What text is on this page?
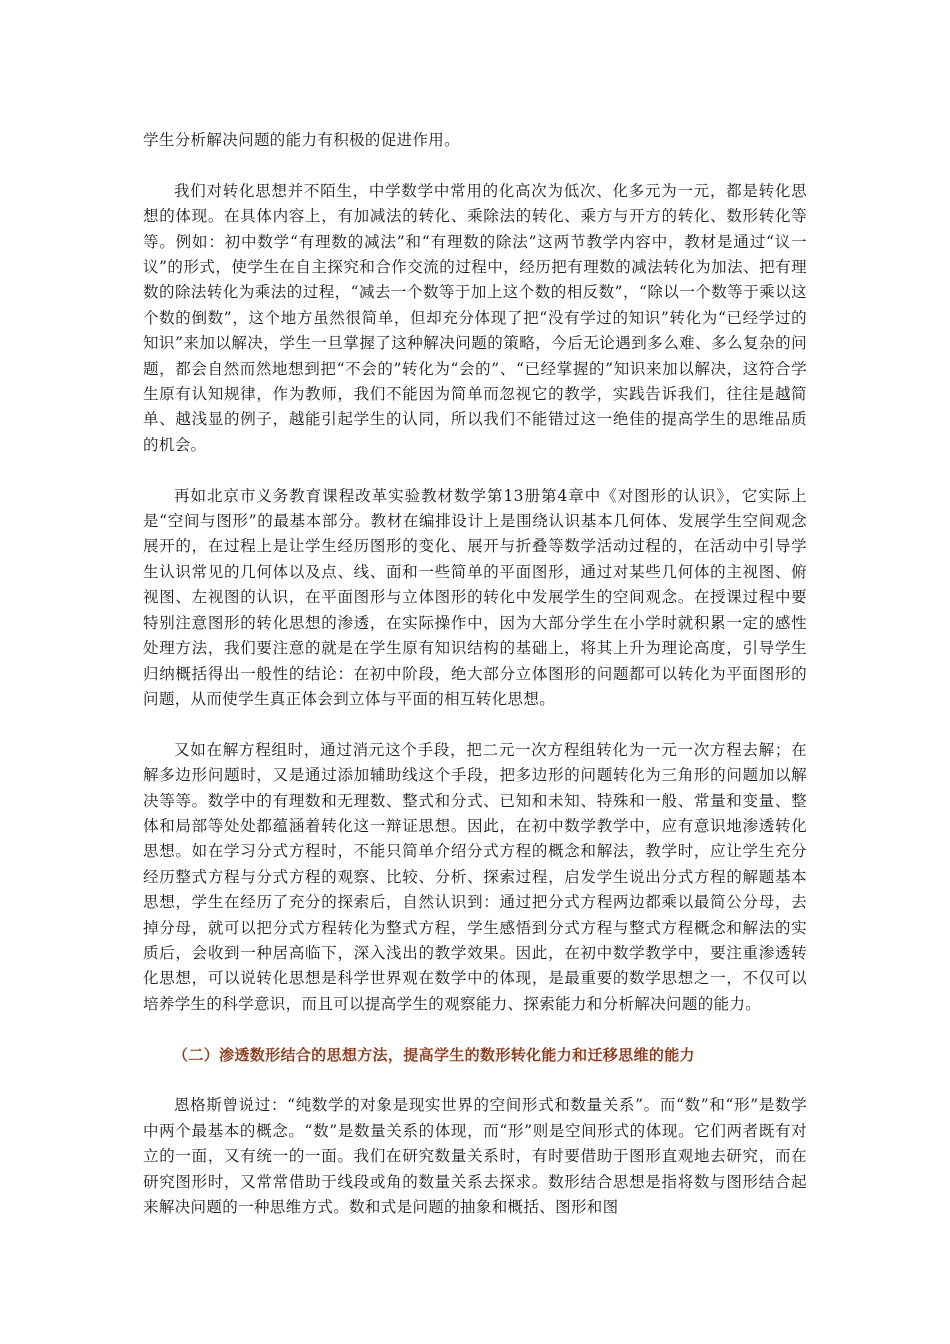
学生分析解决问题的能力有积极的促进作用。

我们对转化思想并不陌生，中学数学中常用的化高次为低次、化多元为一元，都是转化思想的体现。在具体内容上，有加减法的转化、乘除法的转化、乘方与开方的转化、数形转化等等。例如：初中数学“有理数的减法”和“有理数的除法”这两节教学内容中，教材是通过“议一议”的形式，使学生在自主探究和合作交流的过程中，经历把有理数的减法转化为加法、把有理数的除法转化为乘法的过程，“减去一个数等于加上这个数的相反数”，“除以一个数等于乘以这个数的倒数”，这个地方虽然很简单，但却充分体现了把“没有学过的知识”转化为“已经学过的知识”来加以解决，学生一旦掌握了这种解决问题的策略，今后无论遇到多么难、多么复杂的问题，都会自然而然地想到把“不会的”转化为“会的”、“已经掌握的”知识来加以解决，这符合学生原有认知规律，作为教师，我们不能因为简单而忽视它的教学，实践告诉我们，往往是越简单、越浅显的例子，越能引起学生的认同，所以我们不能错过这一绝佳的提高学生的思维品质的机会。

再如北京市义务教育课程改革实验教材数学第13册第4章中《对图形的认识》，它实际上是“空间与图形”的最基本部分。教材在编排设计上是围绕认识基本几何体、发展学生空间观念展开的，在过程上是让学生经历图形的变化、展开与折叠等数学活动过程的，在活动中引导学生认识常见的几何体以及点、线、面和一些简单的平面图形，通过对某些几何体的主视图、俯视图、左视图的认识，在平面图形与立体图形的转化中发展学生的空间观念。在授课过程中要特别注意图形的转化思想的渗透，在实际操作中，因为大部分学生在小学时就积累一定的感性处理方法，我们要注意的就是在学生原有知识结构的基础上，将其上升为理论高度，引导学生归纳概括得出一般性的结论：在初中阶段，绝大部分立体图形的问题都可以转化为平面图形的问题，从而使学生真正体会到立体与平面的相互转化思想。

又如在解方程组时，通过消元这个手段，把二元一次方程组转化为一元一次方程去解；在解多边形问题时，又是通过添加辅助线这个手段，把多边形的问题转化为三角形的问题加以解决等等。数学中的有理数和无理数、整式和分式、已知和未知、特殊和一般、常量和变量、整体和局部等处处都蕴涵着转化这一辩证思想。因此，在初中数学教学中，应有意识地渗透转化思想。如在学习分式方程时，不能只简单介绍分式方程的概念和解法，教学时，应让学生充分经历整式方程与分式方程的观察、比较、分析、探索过程，启发学生说出分式方程的解题基本思想，学生在经历了充分的探索后，自然认识到：通过把分式方程两边都乘以最简公分母，去掉分母，就可以把分式方程转化为整式方程，学生感悟到分式方程与整式方程概念和解法的实质后，会收到一种居高临下，深入浅出的教学效果。因此，在初中数学教学中，要注重渗透转化思想，可以说转化思想是科学世界观在数学中的体现，是最重要的数学思想之一，不仅可以培养学生的科学意识，而且可以提高学生的观察能力、探索能力和分析解决问题的能力。

（二）渗透数形结合的思想方法，提高学生的数形转化能力和迁移思维的能力

恩格斯曾说过：“纯数学的对象是现实世界的空间形式和数量关系”。而“数”和“形”是数学中两个最基本的概念。“数”是数量关系的体现，而“形”则是空间形式的体现。它们两者既有对立的一面，又有统一的一面。我们在研究数量关系时，有时要借助于图形直观地去研究，而在研究图形时，又常常借助于线段或角的数量关系去探求。数形结合思想是指将数与图形结合起来解决问题的一种思维方式。数和式是问题的抽象和概括、图形和图
